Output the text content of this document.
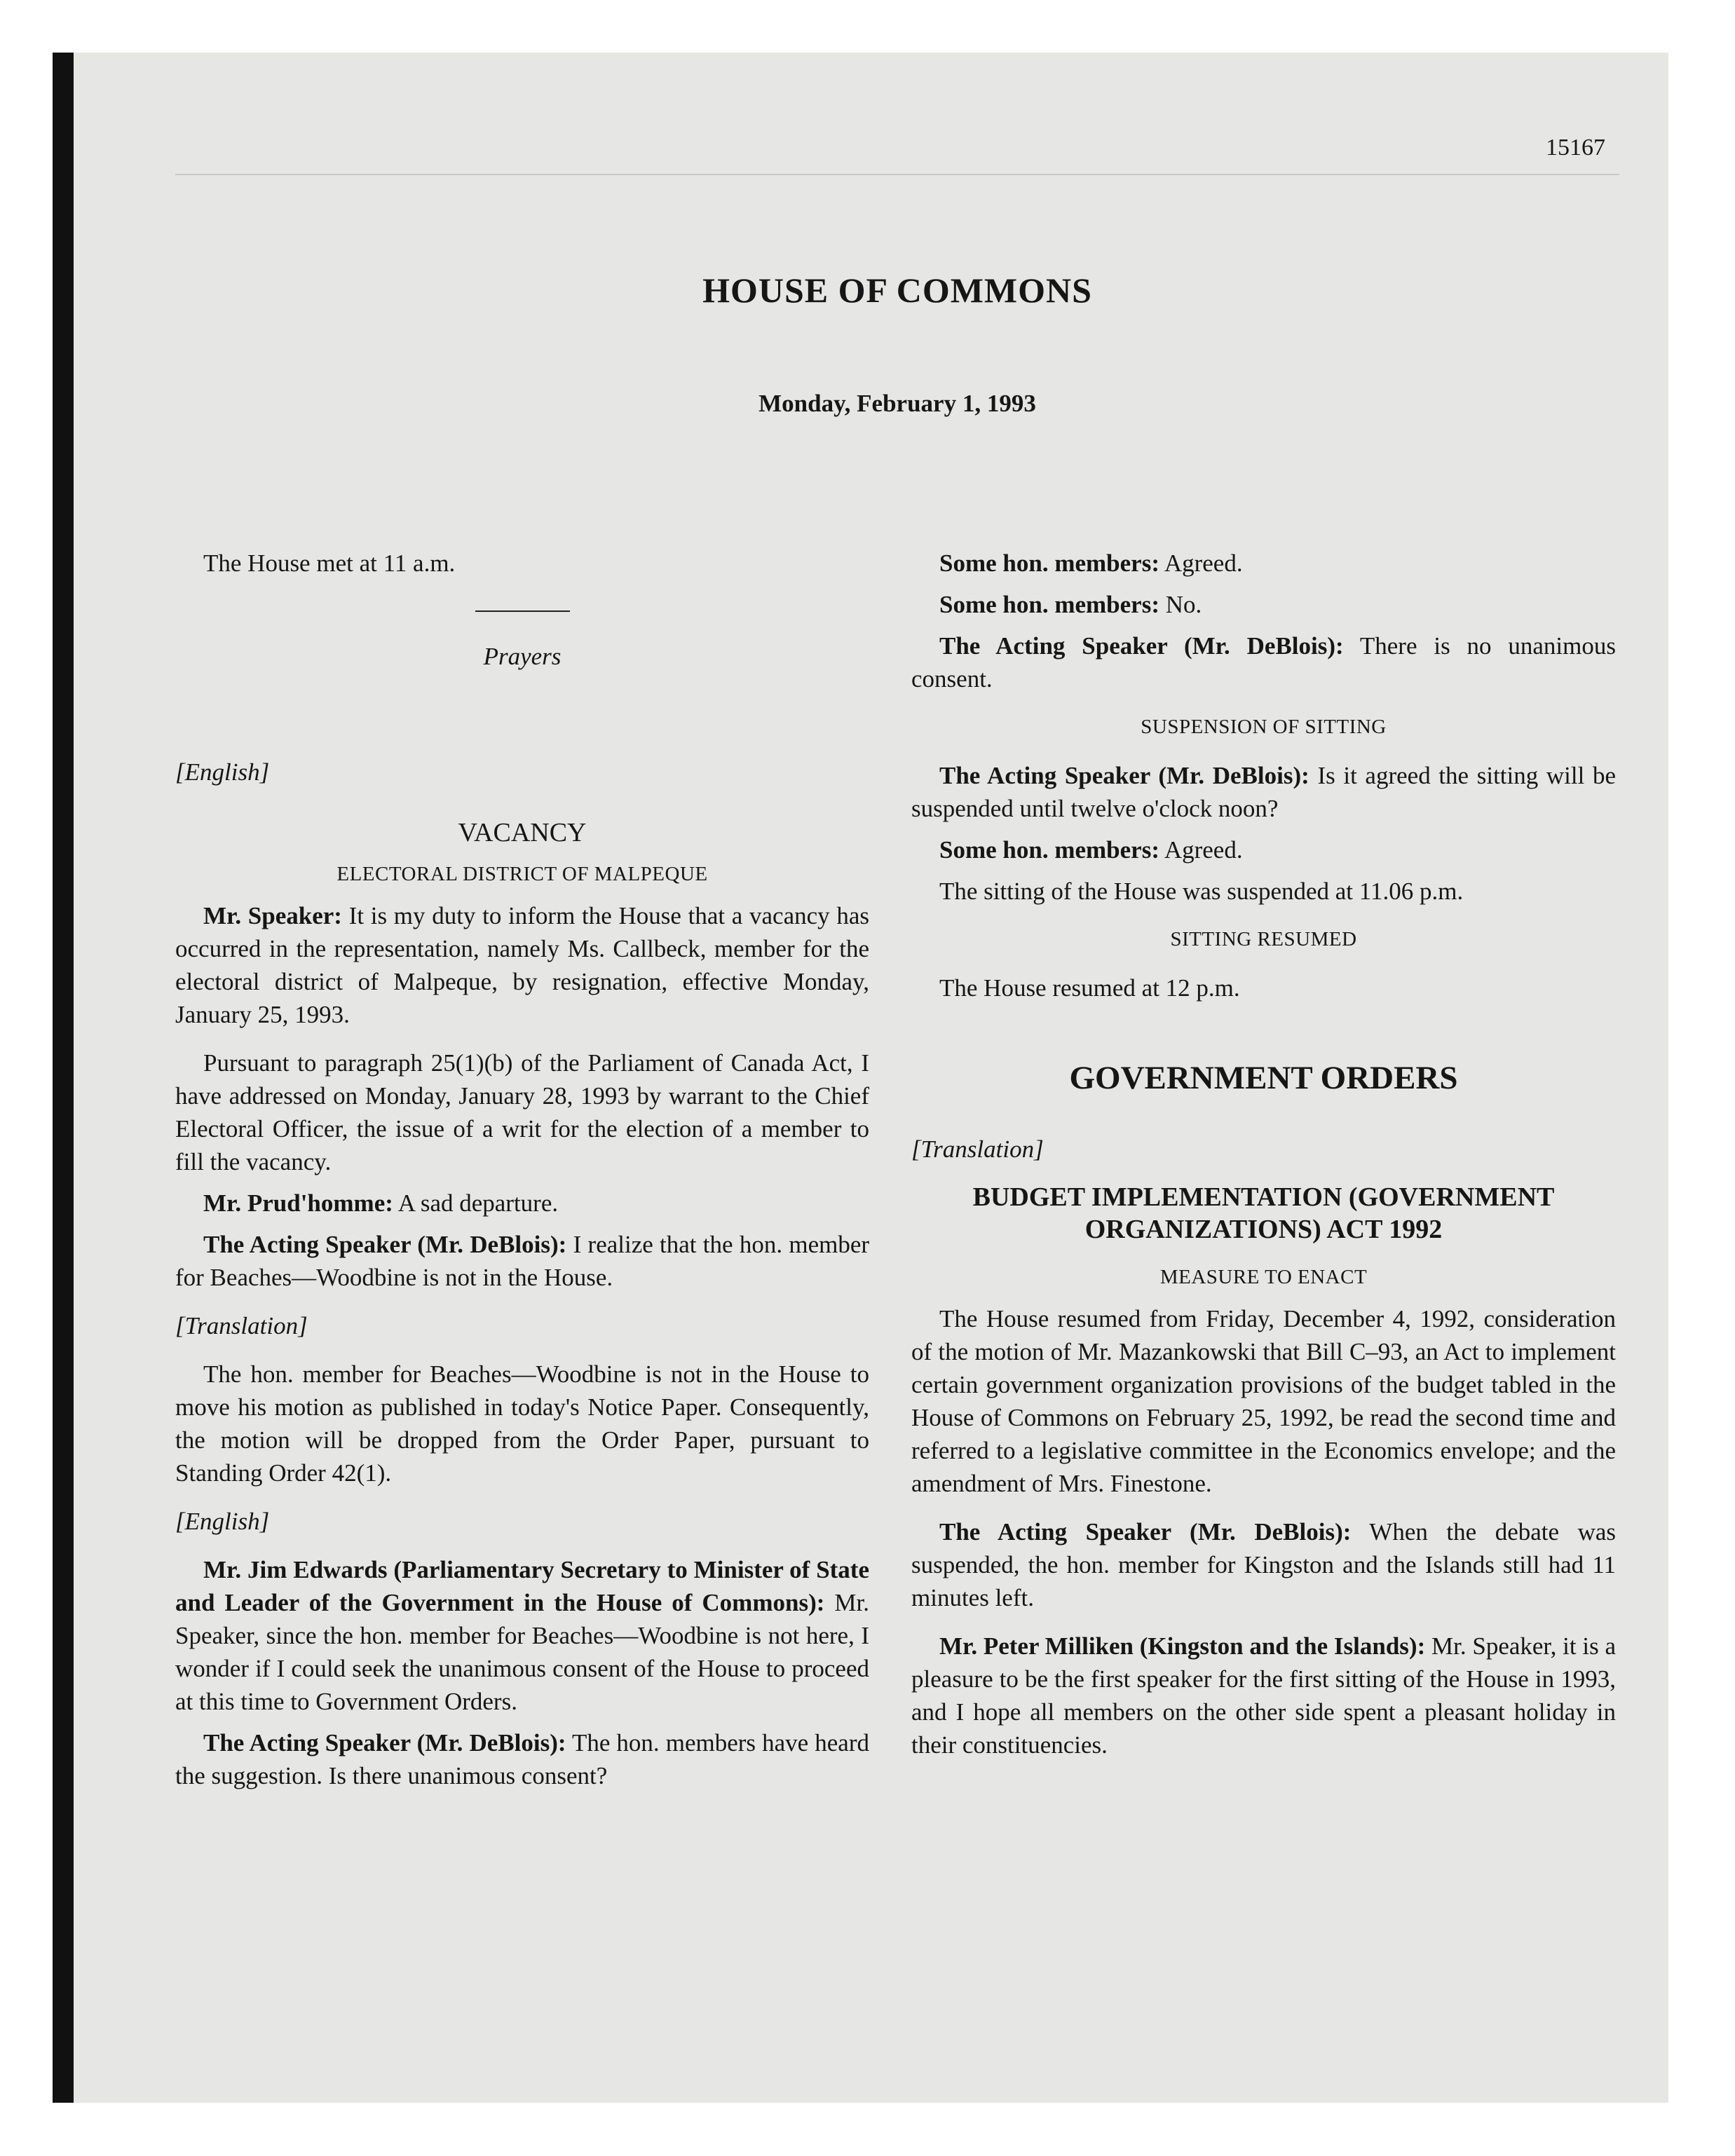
15167
HOUSE OF COMMONS
Monday, February 1, 1993

The House met at 11 a.m.

Prayers

[English]

VACANCY

ELECTORAL DISTRICT OF MALPEQUE

Mr. Speaker: It is my duty to inform the House that a vacancy has occurred in the representation, namely Ms. Callbeck, member for the electoral district of Malpeque, by resignation, effective Monday, January 25, 1993.

Pursuant to paragraph 25(1)(b) of the Parliament of Canada Act, I have addressed on Monday, January 28, 1993 by warrant to the Chief Electoral Officer, the issue of a writ for the election of a member to fill the vacancy.

Mr. Prud'homme: A sad departure.

The Acting Speaker (Mr. DeBlois): I realize that the hon. member for Beaches—Woodbine is not in the House.

[Translation]

The hon. member for Beaches—Woodbine is not in the House to move his motion as published in today's Notice Paper. Consequently, the motion will be dropped from the Order Paper, pursuant to Standing Order 42(1).

[English]

Mr. Jim Edwards (Parliamentary Secretary to Minister of State and Leader of the Government in the House of Commons): Mr. Speaker, since the hon. member for Beaches—Woodbine is not here, I wonder if I could seek the unanimous consent of the House to proceed at this time to Government Orders.

The Acting Speaker (Mr. DeBlois): The hon. members have heard the suggestion. Is there unanimous consent?

Some hon. members: Agreed.

Some hon. members: No.

The Acting Speaker (Mr. DeBlois): There is no unanimous consent.

SUSPENSION OF SITTING

The Acting Speaker (Mr. DeBlois): Is it agreed the sitting will be suspended until twelve o'clock noon?

Some hon. members: Agreed.

The sitting of the House was suspended at 11.06 p.m.

SITTING RESUMED

The House resumed at 12 p.m.

GOVERNMENT ORDERS

[Translation]

BUDGET IMPLEMENTATION (GOVERNMENT ORGANIZATIONS) ACT 1992

MEASURE TO ENACT

The House resumed from Friday, December 4, 1992, consideration of the motion of Mr. Mazankowski that Bill C–93, an Act to implement certain government organization provisions of the budget tabled in the House of Commons on February 25, 1992, be read the second time and referred to a legislative committee in the Economics envelope; and the amendment of Mrs. Finestone.

The Acting Speaker (Mr. DeBlois): When the debate was suspended, the hon. member for Kingston and the Islands still had 11 minutes left.

Mr. Peter Milliken (Kingston and the Islands): Mr. Speaker, it is a pleasure to be the first speaker for the first sitting of the House in 1993, and I hope all members on the other side spent a pleasant holiday in their constituencies.
